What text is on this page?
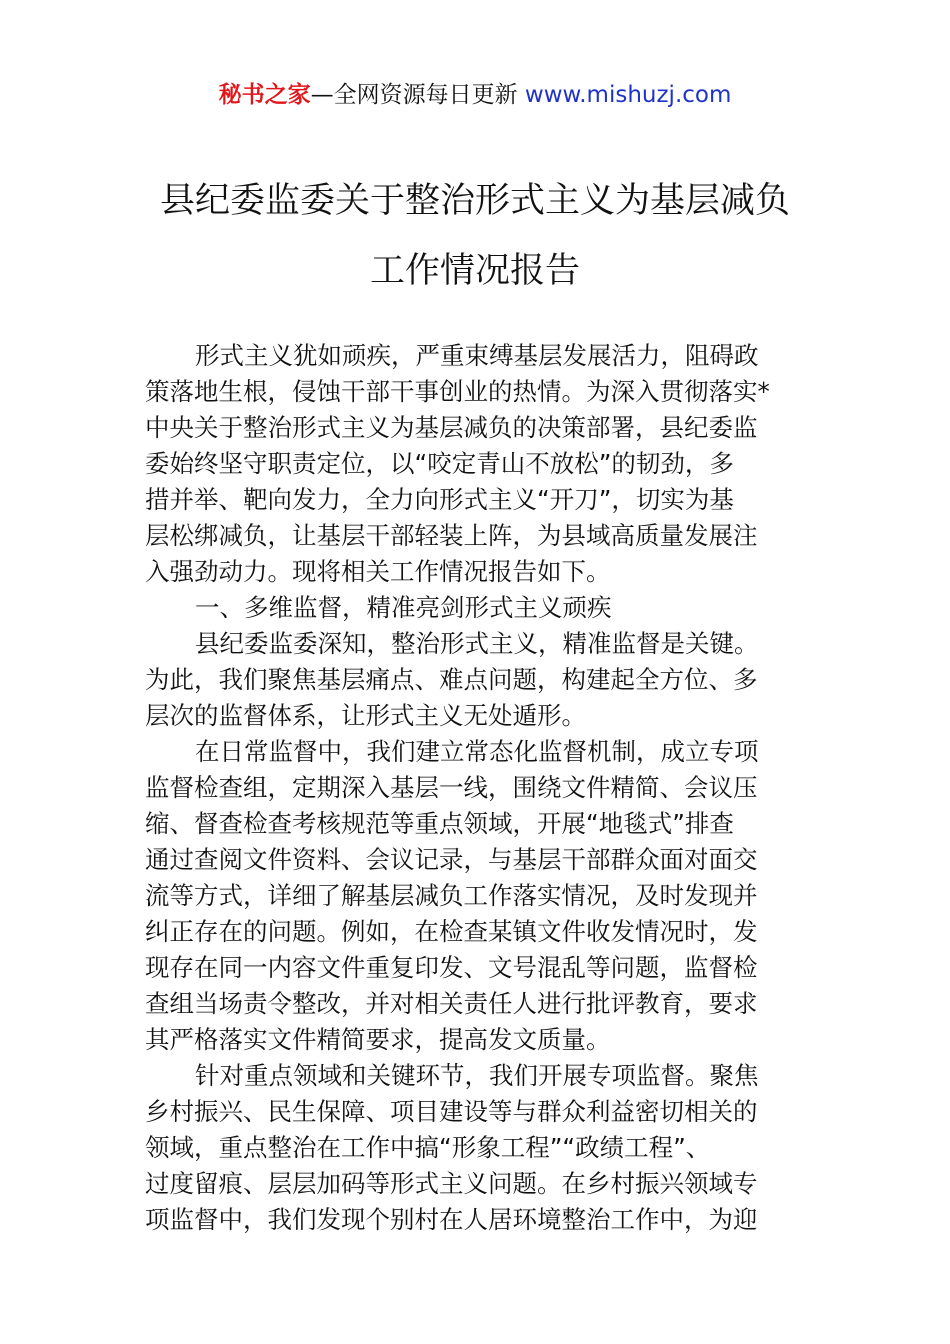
秘书之家—全网资源每日更新 www.mishuzj.com
县纪委监委关于整治形式主义为基层减负
工作情况报告
形式主义犹如顽疾，严重束缚基层发展活力，阻碍政
策落地生根，侵蚀干部干事创业的热情。为深入贯彻落实*
中央关于整治形式主义为基层减负的决策部署，县纪委监
委始终坚守职责定位，以“咬定青山不放松”的韧劲，多
措并举、靶向发力，全力向形式主义“开刀”，切实为基
层松绑减负，让基层干部轻装上阵，为县域高质量发展注
入强劲动力。现将相关工作情况报告如下。
一、多维监督，精准亮剑形式主义顽疾
县纪委监委深知，整治形式主义，精准监督是关键。
为此，我们聚焦基层痛点、难点问题，构建起全方位、多
层次的监督体系，让形式主义无处遁形。
在日常监督中，我们建立常态化监督机制，成立专项
监督检查组，定期深入基层一线，围绕文件精简、会议压
缩、督查检查考核规范等重点领域，开展“地毯式”排查
通过查阅文件资料、会议记录，与基层干部群众面对面交
流等方式，详细了解基层减负工作落实情况，及时发现并
纠正存在的问题。例如，在检查某镇文件收发情况时，发
现存在同一内容文件重复印发、文号混乱等问题，监督检
查组当场责令整改，并对相关责任人进行批评教育，要求
其严格落实文件精简要求，提高发文质量。
针对重点领域和关键环节，我们开展专项监督。聚焦
乡村振兴、民生保障、项目建设等与群众利益密切相关的
领域，重点整治在工作中搞“形象工程”“政绩工程”、
过度留痕、层层加码等形式主义问题。在乡村振兴领域专
项监督中，我们发现个别村在人居环境整治工作中，为迎
